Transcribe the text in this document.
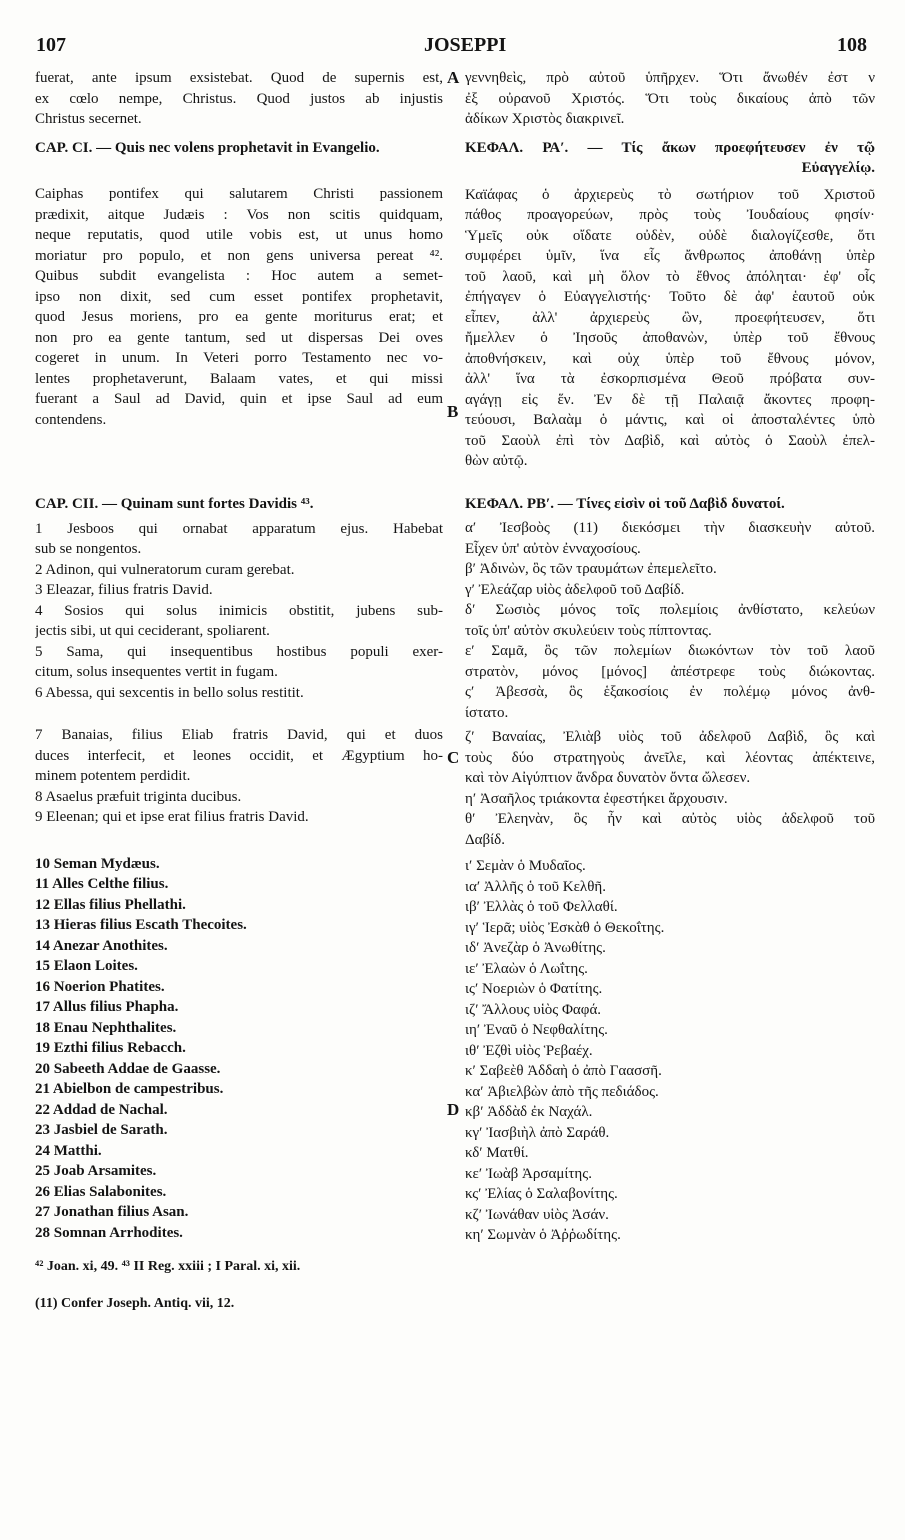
107	JOSEPPI	108
A
B
C
D
fuerat, ante ipsum exsistebat. Quod de supernis est,
ex cœlo nempe, Christus. Quod justos ab injustis
Christus secernet.
CAP. CI. — Quis nec volens prophetavit in Evangelio.
Caiphas pontifex qui salutarem Christi passionem
prædixit, aitque Judæis : Vos non scitis quidquam,
neque reputatis, quod utile vobis est, ut unus homo
moriatur pro populo, et non gens universa pereat ⁴².
Quibus subdit evangelista : Hoc autem a semet-
ipso non dixit, sed cum esset pontifex prophetavit,
quod Jesus moriens, pro ea gente moriturus erat; et
non pro ea gente tantum, sed ut dispersas Dei oves
cogeret in unum. In Veteri porro Testamento nec vo-
lentes prophetaverunt, Balaam vates, et qui missi
fuerant a Saul ad David, quin et ipse Saul ad eum
contendens.
CAP. CII. — Quinam sunt fortes Davidis ⁴³.
1 Jesboos qui ornabat apparatum ejus. Habebat
sub se nongentos.
2 Adinon, qui vulneratorum curam gerebat.
3 Eleazar, filius fratris David.
4 Sosios qui solus inimicis obstitit, jubens sub-
jectis sibi, ut qui ceciderant, spoliarent.
5 Sama, qui insequentibus hostibus populi exer-
citum, solus insequentes vertit in fugam.
6 Abessa, qui sexcentis in bello solus restitit.
7 Banaias, filius Eliab fratris David, qui et duos
duces interfecit, et leones occidit, et Ægyptium ho-
minem potentem perdidit.
8 Asaelus præfuit triginta ducibus.
9 Eleenan; qui et ipse erat filius fratris David.
10 Seman Mydæus.
11 Alles Celthe filius.
12 Ellas filius Phellathi.
13 Hieras filius Escath Thecoites.
14 Anezar Anothites.
15 Elaon Loites.
16 Noerion Phatites.
17 Allus filius Phapha.
18 Enau Nephthalites.
19 Ezthi filius Rebacch.
20 Sabeeth Addae de Gaasse.
21 Abielbon de campestribus.
22 Addad de Nachal.
23 Jasbiel de Sarath.
24 Matthi.
25 Joab Arsamites.
26 Elias Salabonites.
27 Jonathan filius Asan.
28 Somnan Arrhodites.
⁴² Joan. xi, 49. ⁴³ II Reg. xxiii ; I Paral. xi, xii.
(11) Confer Joseph. Antiq. vii, 12.
γεννηθεὶς, πρὸ αὐτοῦ ὑπῆρχεν. Ὅτι ἄνωθέν ἐστ ν
ἐξ οὐρανοῦ Χριστός. Ὅτι τοὺς δικαίους ἀπὸ τῶν
ἀδίκων Χριστὸς διακρινεῖ.
ΚΕΦΑΛ. ΡΑʹ. — Τίς ἄκων προεφήτευσεν ἐν τῷ
Εὐαγγελίῳ.
Καϊάφας ὁ ἀρχιερεὺς τὸ σωτήριον τοῦ Χριστοῦ
πάθος προαγορεύων, πρὸς τοὺς Ἰουδαίους φησίν·
Ὑμεῖς οὐκ οἴδατε οὐδὲν, οὐδὲ διαλογίζεσθε, ὅτι
συμφέρει ὑμῖν, ἵνα εἷς ἄνθρωπος ἀποθάνῃ ὑπὲρ
τοῦ λαοῦ, καὶ μὴ ὅλον τὸ ἔθνος ἀπόληται· ἐφ' οἷς
ἐπήγαγεν ὁ Εὐαγγελιστής· Τοῦτο δὲ ἀφ' ἑαυτοῦ οὐκ
εἶπεν, ἀλλ' ἀρχιερεὺς ὢν, προεφήτευσεν, ὅτι
ἤμελλεν ὁ Ἰησοῦς ἀποθανὼν, ὑπὲρ τοῦ ἔθνους
ἀποθνήσκειν, καὶ οὐχ ὑπὲρ τοῦ ἔθνους μόνον,
ἀλλ' ἵνα τὰ ἐσκορπισμένα Θεοῦ πρόβατα συν-
αγάγῃ εἰς ἕν. Ἐν δὲ τῇ Παλαιᾷ ἄκοντες προφη-
τεύουσι, Βαλαὰμ ὁ μάντις, καὶ οἱ ἀποσταλέντες ὑπὸ
τοῦ Σαοὺλ ἐπὶ τὸν Δαβὶδ, καὶ αὐτὸς ὁ Σαοὺλ ἐπελ-
θὼν αὐτῷ.
ΚΕΦΑΛ. ΡΒʹ. — Τίνες εἰσὶν οἱ τοῦ Δαβὶδ δυνατοί.
αʹ Ἰεσβοὸς (11) διεκόσμει τὴν διασκευὴν αὐτοῦ.
Εἶχεν ὑπ' αὐτὸν ἐνναχοσίους.
βʹ Ἀδινὼν, ὃς τῶν τραυμάτων ἐπεμελεῖτο.
γʹ Ἐλεάζαρ υἱὸς ἀδελφοῦ τοῦ Δαβίδ.
δʹ Σωσιὸς μόνος τοῖς πολεμίοις ἀνθίστατο, κελεύων
τοῖς ὑπ' αὐτὸν σκυλεύειν τοὺς πίπτοντας.
εʹ Σαμᾶ, ὃς τῶν πολεμίων διωκόντων τὸν τοῦ λαοῦ
στρατὸν, μόνος [μόνος] ἀπέστρεφε τοὺς διώκοντας.
ςʹ Ἀβεσσὰ, ὃς ἑξακοσίοις ἐν πολέμῳ μόνος ἀνθ-
ίστατο.
ζʹ Βαναίας, Ἐλιὰβ υἱὸς τοῦ ἀδελφοῦ Δαβὶδ, ὃς καὶ
τοὺς δύο στρατηγοὺς ἀνεῖλε, καὶ λέοντας ἀπέκτεινε,
καὶ τὸν Αἰγύπτιον ἄνδρα δυνατὸν ὄντα ὤλεσεν.
ηʹ Ἀσαῆλος τριάκοντα ἐφεστήκει ἄρχουσιν.
θʹ Ἐλεηνὰν, ὃς ἦν καὶ αὐτὸς υἱὸς ἀδελφοῦ τοῦ
Δαβίδ.
ιʹ Σεμὰν ὁ Μυδαῖος.
ιαʹ Ἀλλῆς ὁ τοῦ Κελθῆ.
ιβʹ Ἐλλὰς ὁ τοῦ Φελλαθί.
ιγʹ Ἱερᾶ; υἱὸς Ἐσκὰθ ὁ Θεκοΐτης.
ιδʹ Ἀνεζὰρ ὁ Ἀνωθίτης.
ιεʹ Ἐλαὼν ὁ Λωΐτης.
ιςʹ Νοεριὼν ὁ Φατίτης.
ιζʹ Ἄλλους υἱὸς Φαφά.
ιηʹ Ἐναῦ ὁ Νεφθαλίτης.
ιθʹ Ἐζθὶ υἱὸς Ῥεβαέχ.
κʹ Σαβεὲθ Ἀδδαὴ ὁ ἀπὸ Γαασσῆ.
καʹ Ἀβιελβὼν ἀπὸ τῆς πεδιάδος.
κβʹ Ἀδδὰδ ἐκ Ναχάλ.
κγʹ Ἰασβιὴλ ἀπὸ Σαράθ.
κδʹ Ματθί.
κεʹ Ἰωὰβ Ἀρσαμίτης.
κςʹ Ἐλίας ὁ Σαλαβονίτης.
κζʹ Ἰωνάθαν υἱὸς Ἀσάν.
κηʹ Σωμνὰν ὁ Ἀῤῥωδίτης.
